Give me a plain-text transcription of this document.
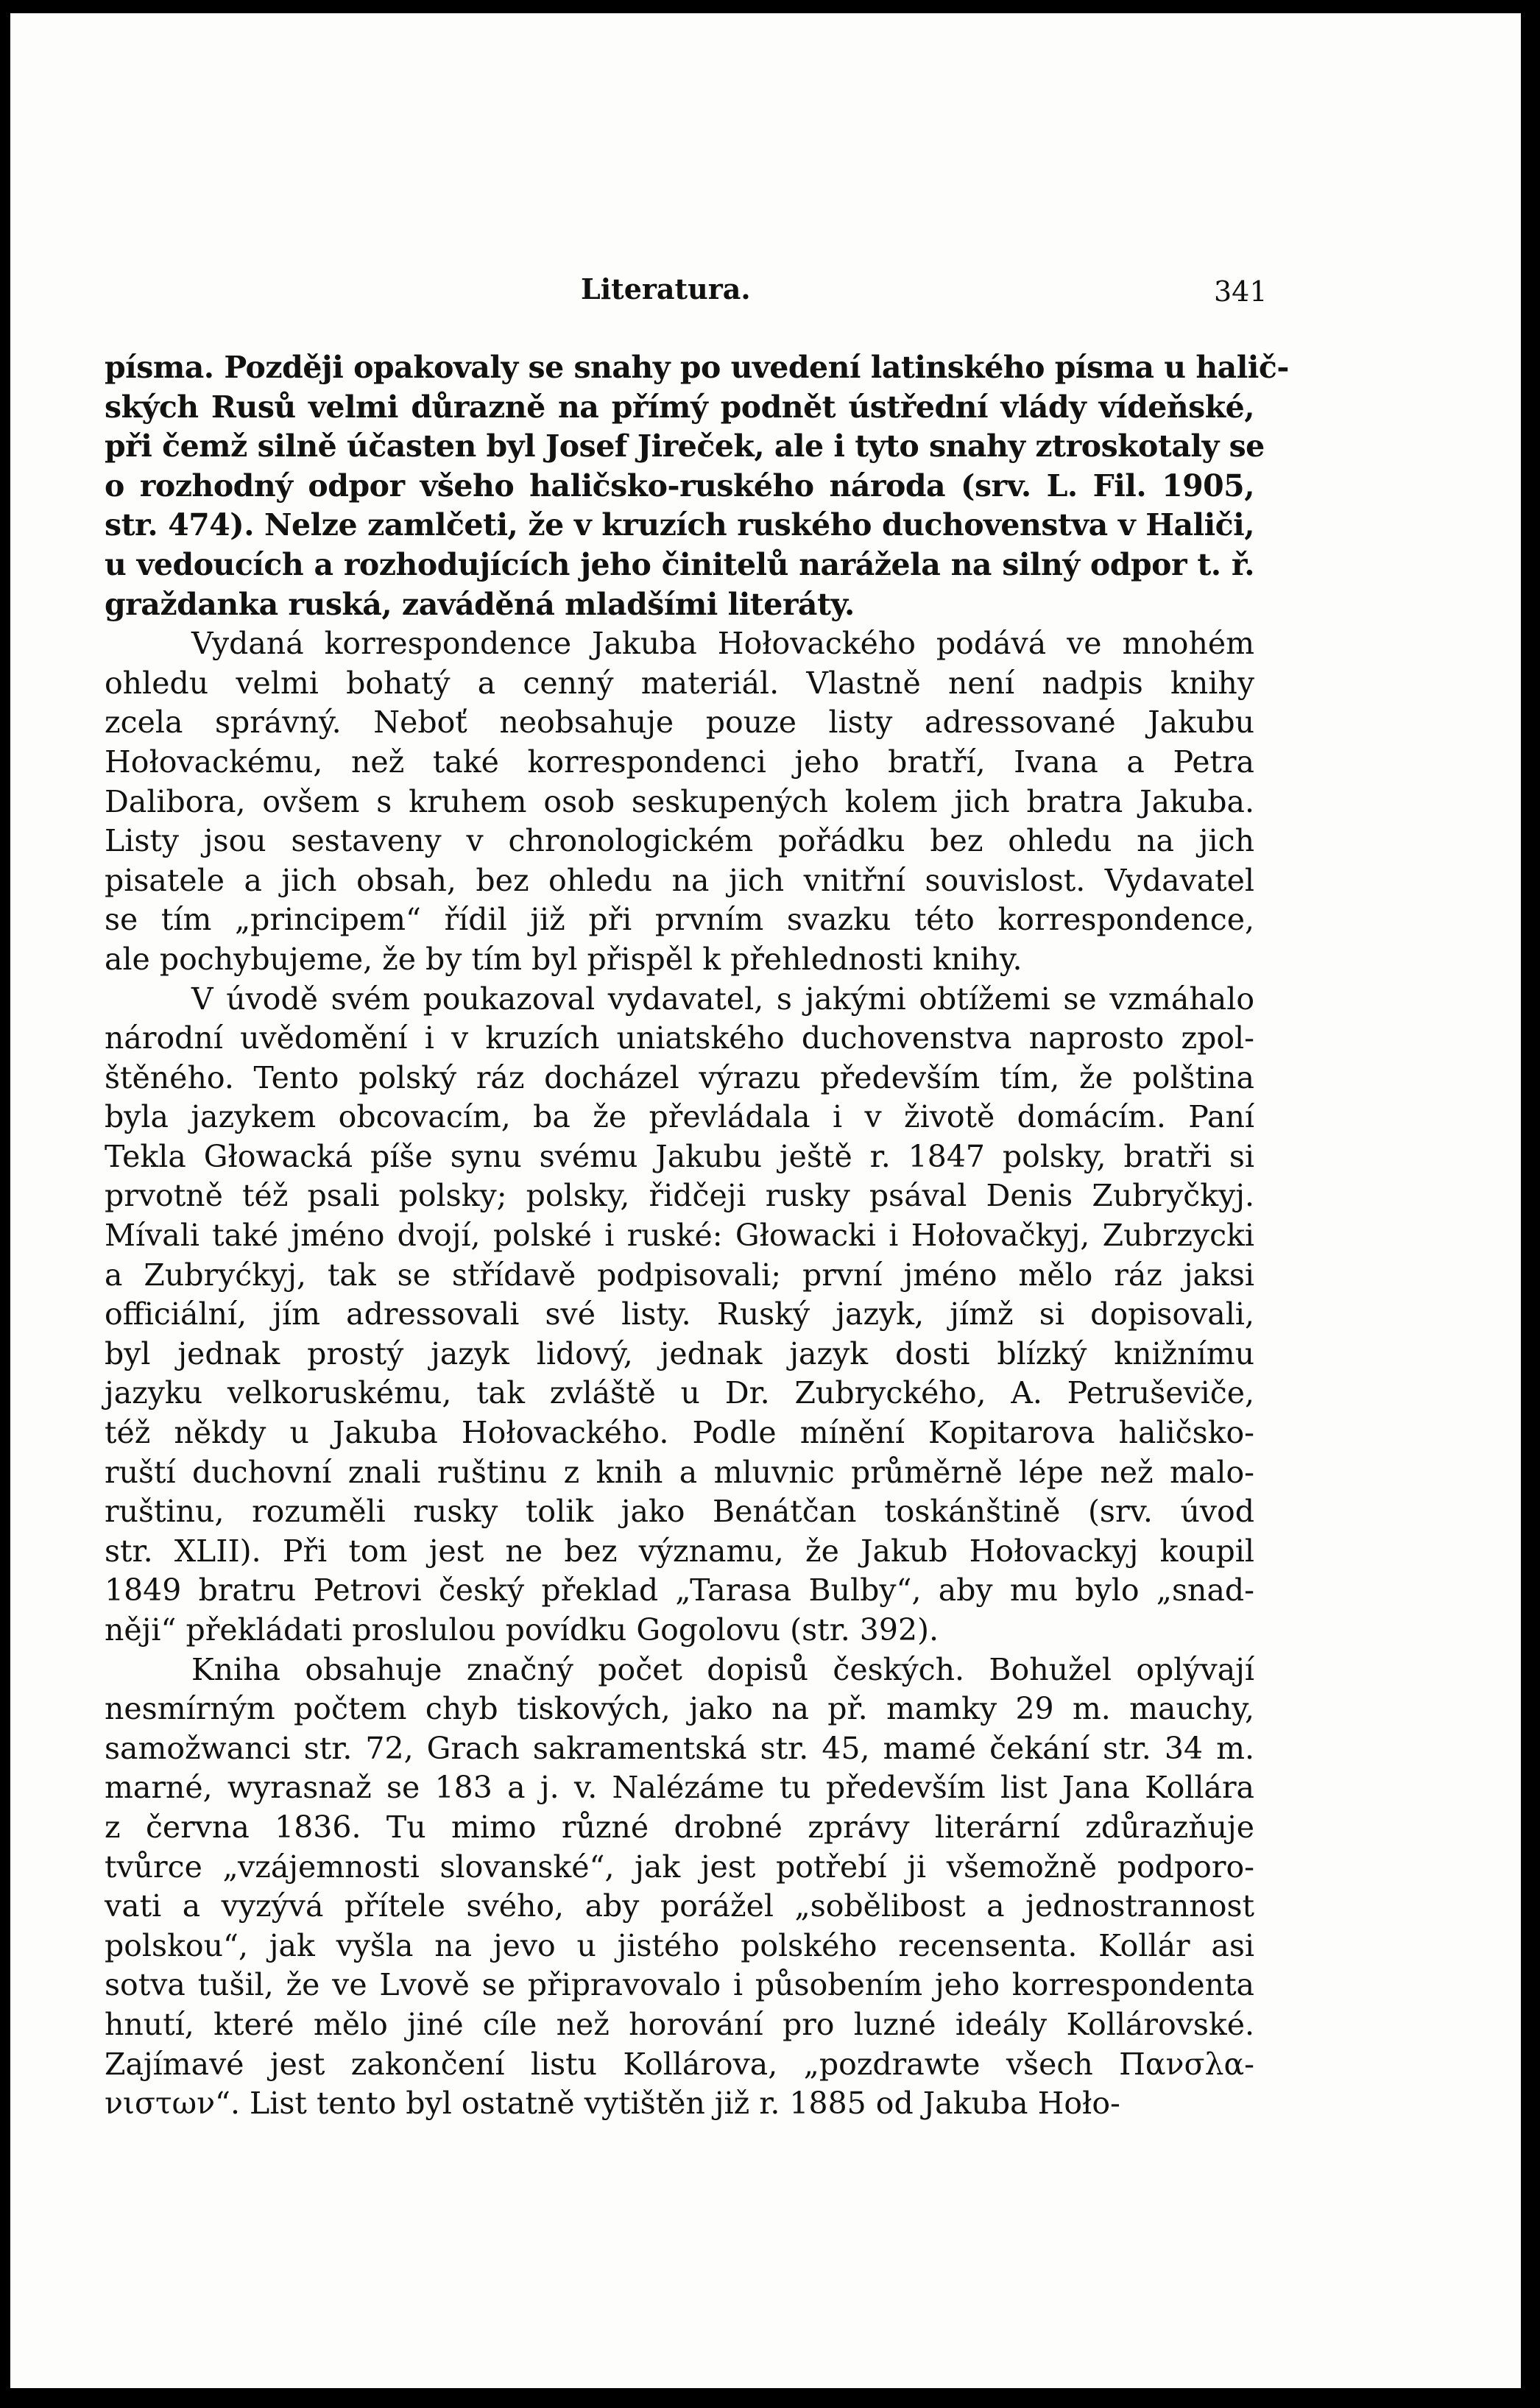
Literatura.	341

písma. Později opakovaly se snahy po uvedení latinského písma u halič-
ských Rusů velmi důrazně na přímý podnět ústřední vlády vídeňské,
při čemž silně účasten byl Josef Jireček, ale i tyto snahy ztroskotaly se
o rozhodný odpor všeho haličsko-ruského národa (srv. L. Fil. 1905,
str. 474). Nelze zamlčeti, že v kruzích ruského duchovenstva v Haliči,
u vedoucích a rozhodujících jeho činitelů narážela na silný odpor t. ř.
graždanka ruská, zaváděná mladšími literáty.

Vydaná korrespondence Jakuba Hołovackého podává ve mnohém
ohledu velmi bohatý a cenný materiál. Vlastně není nadpis knihy
zcela správný. Neboť neobsahuje pouze listy adressované Jakubu
Hołovackému, než také korrespondenci jeho bratří, Ivana a Petra
Dalibora, ovšem s kruhem osob seskupených kolem jich bratra Jakuba.
Listy jsou sestaveny v chronologickém pořádku bez ohledu na jich
pisatele a jich obsah, bez ohledu na jich vnitřní souvislost. Vydavatel
se tím „principem“ řídil již při prvním svazku této korrespondence,
ale pochybujeme, že by tím byl přispěl k přehlednosti knihy.

V úvodě svém poukazoval vydavatel, s jakými obtížemi se vzmáhalo
národní uvědomění i v kruzích uniatského duchovenstva naprosto zpol-
štěného. Tento polský ráz docházel výrazu především tím, že polština
byla jazykem obcovacím, ba že převládala i v životě domácím. Paní
Tekla Głowacká píše synu svému Jakubu ještě r. 1847 polsky, bratři si
prvotně též psali polsky; polsky, řidčeji rusky psával Denis Zubryčkyj.
Mívali také jméno dvojí, polské i ruské: Głowacki i Hołovačkyj, Zubrzycki
a Zubryćkyj, tak se střídavě podpisovali; první jméno mělo ráz jaksi
officiální, jím adressovali své listy. Ruský jazyk, jímž si dopisovali,
byl jednak prostý jazyk lidový, jednak jazyk dosti blízký knižnímu
jazyku velkoruskému, tak zvláště u Dr. Zubryckého, A. Petruševiče,
též někdy u Jakuba Hołovackého. Podle mínění Kopitarova haličsko-
ruští duchovní znali ruštinu z knih a mluvnic průměrně lépe než malo-
ruštinu, rozuměli rusky tolik jako Benátčan toskánštině (srv. úvod
str. XLII). Při tom jest ne bez významu, že Jakub Hołovackyj koupil
1849 bratru Petrovi český překlad „Tarasa Bulby“, aby mu bylo „snad-
něji“ překládati proslulou povídku Gogolovu (str. 392).

Kniha obsahuje značný počet dopisů českých. Bohužel oplývají
nesmírným počtem chyb tiskových, jako na př. mamky 29 m. mauchy,
samožwanci str. 72, Grach sakramentská str. 45, mamé čekání str. 34 m.
marné, wyrasnaž se 183 a j. v. Nalézáme tu především list Jana Kollára
z června 1836. Tu mimo různé drobné zprávy literární zdůrazňuje
tvůrce „vzájemnosti slovanské“, jak jest potřebí ji všemožně podporo-
vati a vyzývá přítele svého, aby porážel „sobělibost a jednostrannost
polskou“, jak vyšla na jevo u jistého polského recensenta. Kollár asi
sotva tušil, že ve Lvově se připravovalo i působením jeho korrespondenta
hnutí, které mělo jiné cíle než horování pro luzné ideály Kollárovské.
Zajímavé jest zakončení listu Kollárova, „pozdrawte všech Πανσλα-
νιστων“. List tento byl ostatně vytištěn již r. 1885 od Jakuba Hoło-
